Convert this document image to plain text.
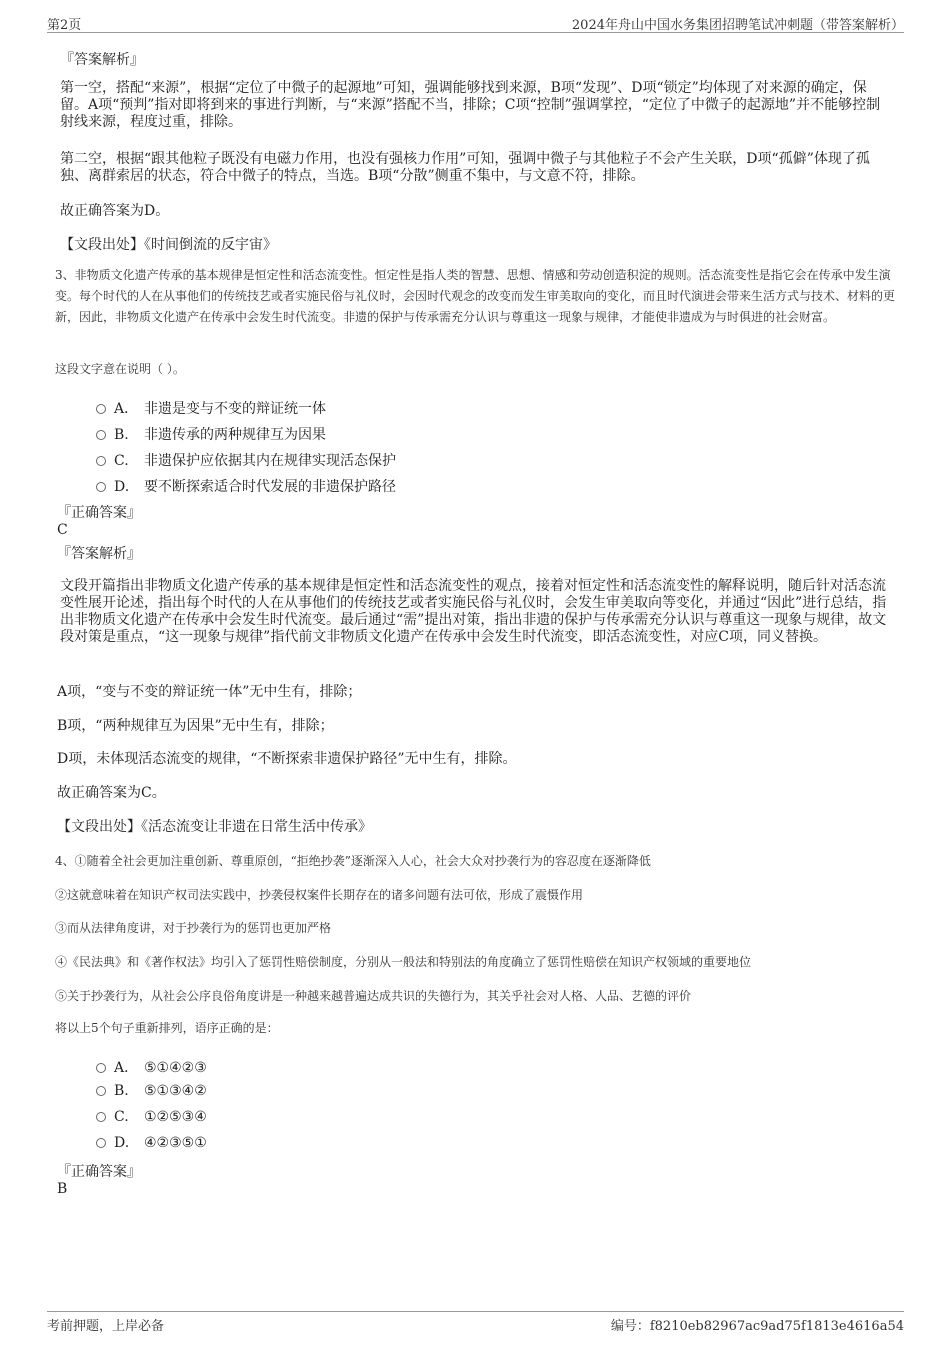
第2页	2024年舟山中国水务集团招聘笔试冲刺题（带答案解析）
『答案解析』

第一空，搭配“来源”，根据“定位了中微子的起源地”可知，强调能够找到来源，B项“发现”、D项“锁定”均体现了对来源的确定，保留。A项“预判”指对即将到来的事进行判断，与“来源”搭配不当，排除；C项“控制”强调掌控，“定位了中微子的起源地”并不能够控制射线来源，程度过重，排除。

第二空，根据“跟其他粒子既没有电磁力作用，也没有强核力作用”可知，强调中微子与其他粒子不会产生关联，D项“孤僻”体现了孤独、离群索居的状态，符合中微子的特点，当选。B项“分散”侧重不集中，与文意不符，排除。

故正确答案为D。

【文段出处】《时间倒流的反宇宙》

3、非物质文化遗产传承的基本规律是恒定性和活态流变性。恒定性是指人类的智慧、思想、情感和劳动创造积淀的规则。活态流变性是指它会在传承中发生演变。每个时代的人在从事他们的传统技艺或者实施民俗与礼仪时，会因时代观念的改变而发生审美取向的变化，而且时代演进会带来生活方式与技术、材料的更新，因此，非物质文化遗产在传承中会发生时代流变。非遗的保护与传承需充分认识与尊重这一现象与规律，才能使非遗成为与时俱进的社会财富。

这段文字意在说明（ ）。

A． 非遗是变与不变的辩证统一体
B. 非遗传承的两种规律互为因果
C. 非遗保护应依据其内在规律实现活态保护
D. 要不断探索适合时代发展的非遗保护路径
『正确答案』
C
『答案解析』

文段开篇指出非物质文化遗产传承的基本规律是恒定性和活态流变性的观点，接着对恒定性和活态流变性的解释说明，随后针对活态流变性展开论述，指出每个时代的人在从事他们的传统技艺或者实施民俗与礼仪时，会发生审美取向等变化，并通过“因此”进行总结，指出非物质文化遗产在传承中会发生时代流变。最后通过“需”提出对策，指出非遗的保护与传承需充分认识与尊重这一现象与规律，故文段对策是重点，“这一现象与规律”指代前文非物质文化遗产在传承中会发生时代流变，即活态流变性，对应C项，同义替换。

A项，“变与不变的辩证统一体”无中生有，排除；

B项，“两种规律互为因果”无中生有，排除；

D项，未体现活态流变的规律，“不断探索非遗保护路径”无中生有，排除。

故正确答案为C。

【文段出处】《活态流变让非遗在日常生活中传承》

4、①随着全社会更加注重创新、尊重原创，“拒绝抄袭”逐渐深入人心，社会大众对抄袭行为的容忍度在逐渐降低

②这就意味着在知识产权司法实践中，抄袭侵权案件长期存在的诸多问题有法可依，形成了震慑作用

③而从法律角度讲，对于抄袭行为的惩罚也更加严格

④《民法典》和《著作权法》均引入了惩罚性赔偿制度，分别从一般法和特别法的角度确立了惩罚性赔偿在知识产权领域的重要地位

⑤关于抄袭行为，从社会公序良俗角度讲是一种越来越普遍达成共识的失德行为，其关乎社会对人格、人品、艺德的评价

将以上5个句子重新排列，语序正确的是：

A． ⑤①④②③
B. ⑤①③④②
C. ①②⑤③④
D. ④②③⑤①
『正确答案』
B
考前押题，上岸必备	编号：f8210eb82967ac9ad75f1813e4616a54
